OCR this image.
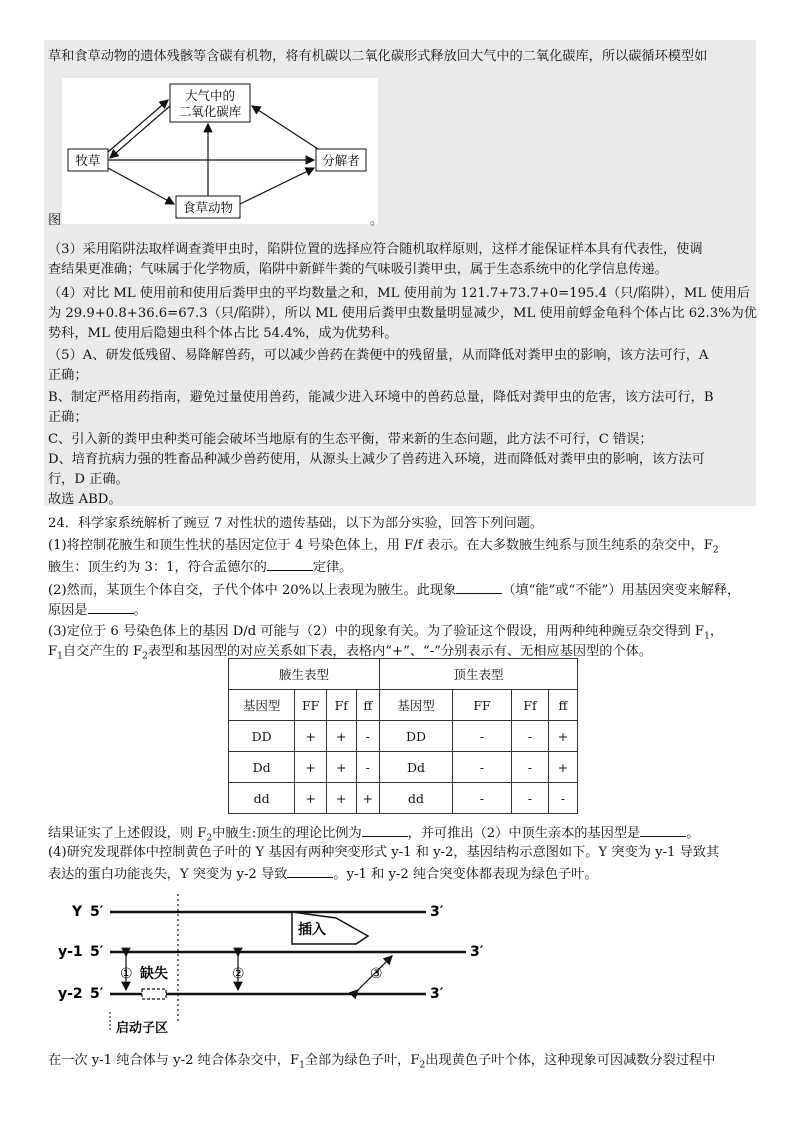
草和食草动物的遗体残骸等含碳有机物，将有机碳以二氧化碳形式释放回大气中的二氧化碳库，所以碳循环模型如
图
大气中的
二氧化碳库
牧草	分解者
食草动物
。
（3）采用陷阱法取样调查粪甲虫时，陷阱位置的选择应符合随机取样原则，这样才能保证样本具有代表性，使调
查结果更准确；气味属于化学物质，陷阱中新鲜牛粪的气味吸引粪甲虫，属于生态系统中的化学信息传递。
（4）对比 ML 使用前和使用后粪甲虫的平均数量之和，ML 使用前为 121.7+73.7+0=195.4（只/陷阱），ML 使用后
为 29.9+0.8+36.6=67.3（只/陷阱），所以 ML 使用后粪甲虫数量明显减少，ML 使用前蜉金龟科个体占比 62.3%为优
势科，ML 使用后隐翅虫科个体占比 54.4%，成为优势科。
（5）A、研发低残留、易降解兽药，可以减少兽药在粪便中的残留量，从而降低对粪甲虫的影响，该方法可行，A
正确；
B、制定严格用药指南，避免过量使用兽药，能减少进入环境中的兽药总量，降低对粪甲虫的危害，该方法可行，B
正确；
C、引入新的粪甲虫种类可能会破坏当地原有的生态平衡，带来新的生态问题，此方法不可行，C 错误；
D、培育抗病力强的牲畜品种减少兽药使用，从源头上减少了兽药进入环境，进而降低对粪甲虫的影响，该方法可
行，D 正确。
故选 ABD。
24．科学家系统解析了豌豆 7 对性状的遗传基础，以下为部分实验，回答下列问题。
(1)将控制花腋生和顶生性状的基因定位于 4 号染色体上，用 F/f 表示。在大多数腋生纯系与顶生纯系的杂交中，$F_2$
腋生：顶生约为 3：1，符合孟德尔的	定律。
(2)然而，某顶生个体自交，子代个体中 20%以上表现为腋生。此现象	（填“能”或“不能”）用基因突变来解释，
原因是	。
(3)定位于 6 号染色体上的基因 D/d 可能与（2）中的现象有关。为了验证这个假设，用两种纯种豌豆杂交得到 $F_1$，
$F_1$自交产生的 $F_2$表型和基因型的对应关系如下表，表格内“+”、“-”分别表示有、无相应基因型的个体。
腋生表型				顶生表型			
基因型	FF	Ff	ff	基因型	FF	Ff	ff
DD	+	+	-	DD	-	-	+
Dd	+	+	-	Dd	-	-	+
dd	+	+	+	dd	-	-	-
结果证实了上述假设，则 $F_2$中腋生:顶生的理论比例为	，并可推出（2）中顶生亲本的基因型是	。
(4)研究发现群体中控制黄色子叶的 Y 基因有两种突变形式 y-1 和 y-2，基因结构示意图如下。Y 突变为 y-1 导致其
表达的蛋白功能丧失，Y 突变为 y-2 导致	。y-1 和 y-2 纯合突变体都表现为绿色子叶。
Y 5′	3′
插入
y-1 5′	3′
y-2 5′	3′
① 缺失	②	③
启动子区
在一次 y-1 纯合体与 y-2 纯合体杂交中，$F_1$全部为绿色子叶，$F_2$出现黄色子叶个体，这种现象可因减数分裂过程中
